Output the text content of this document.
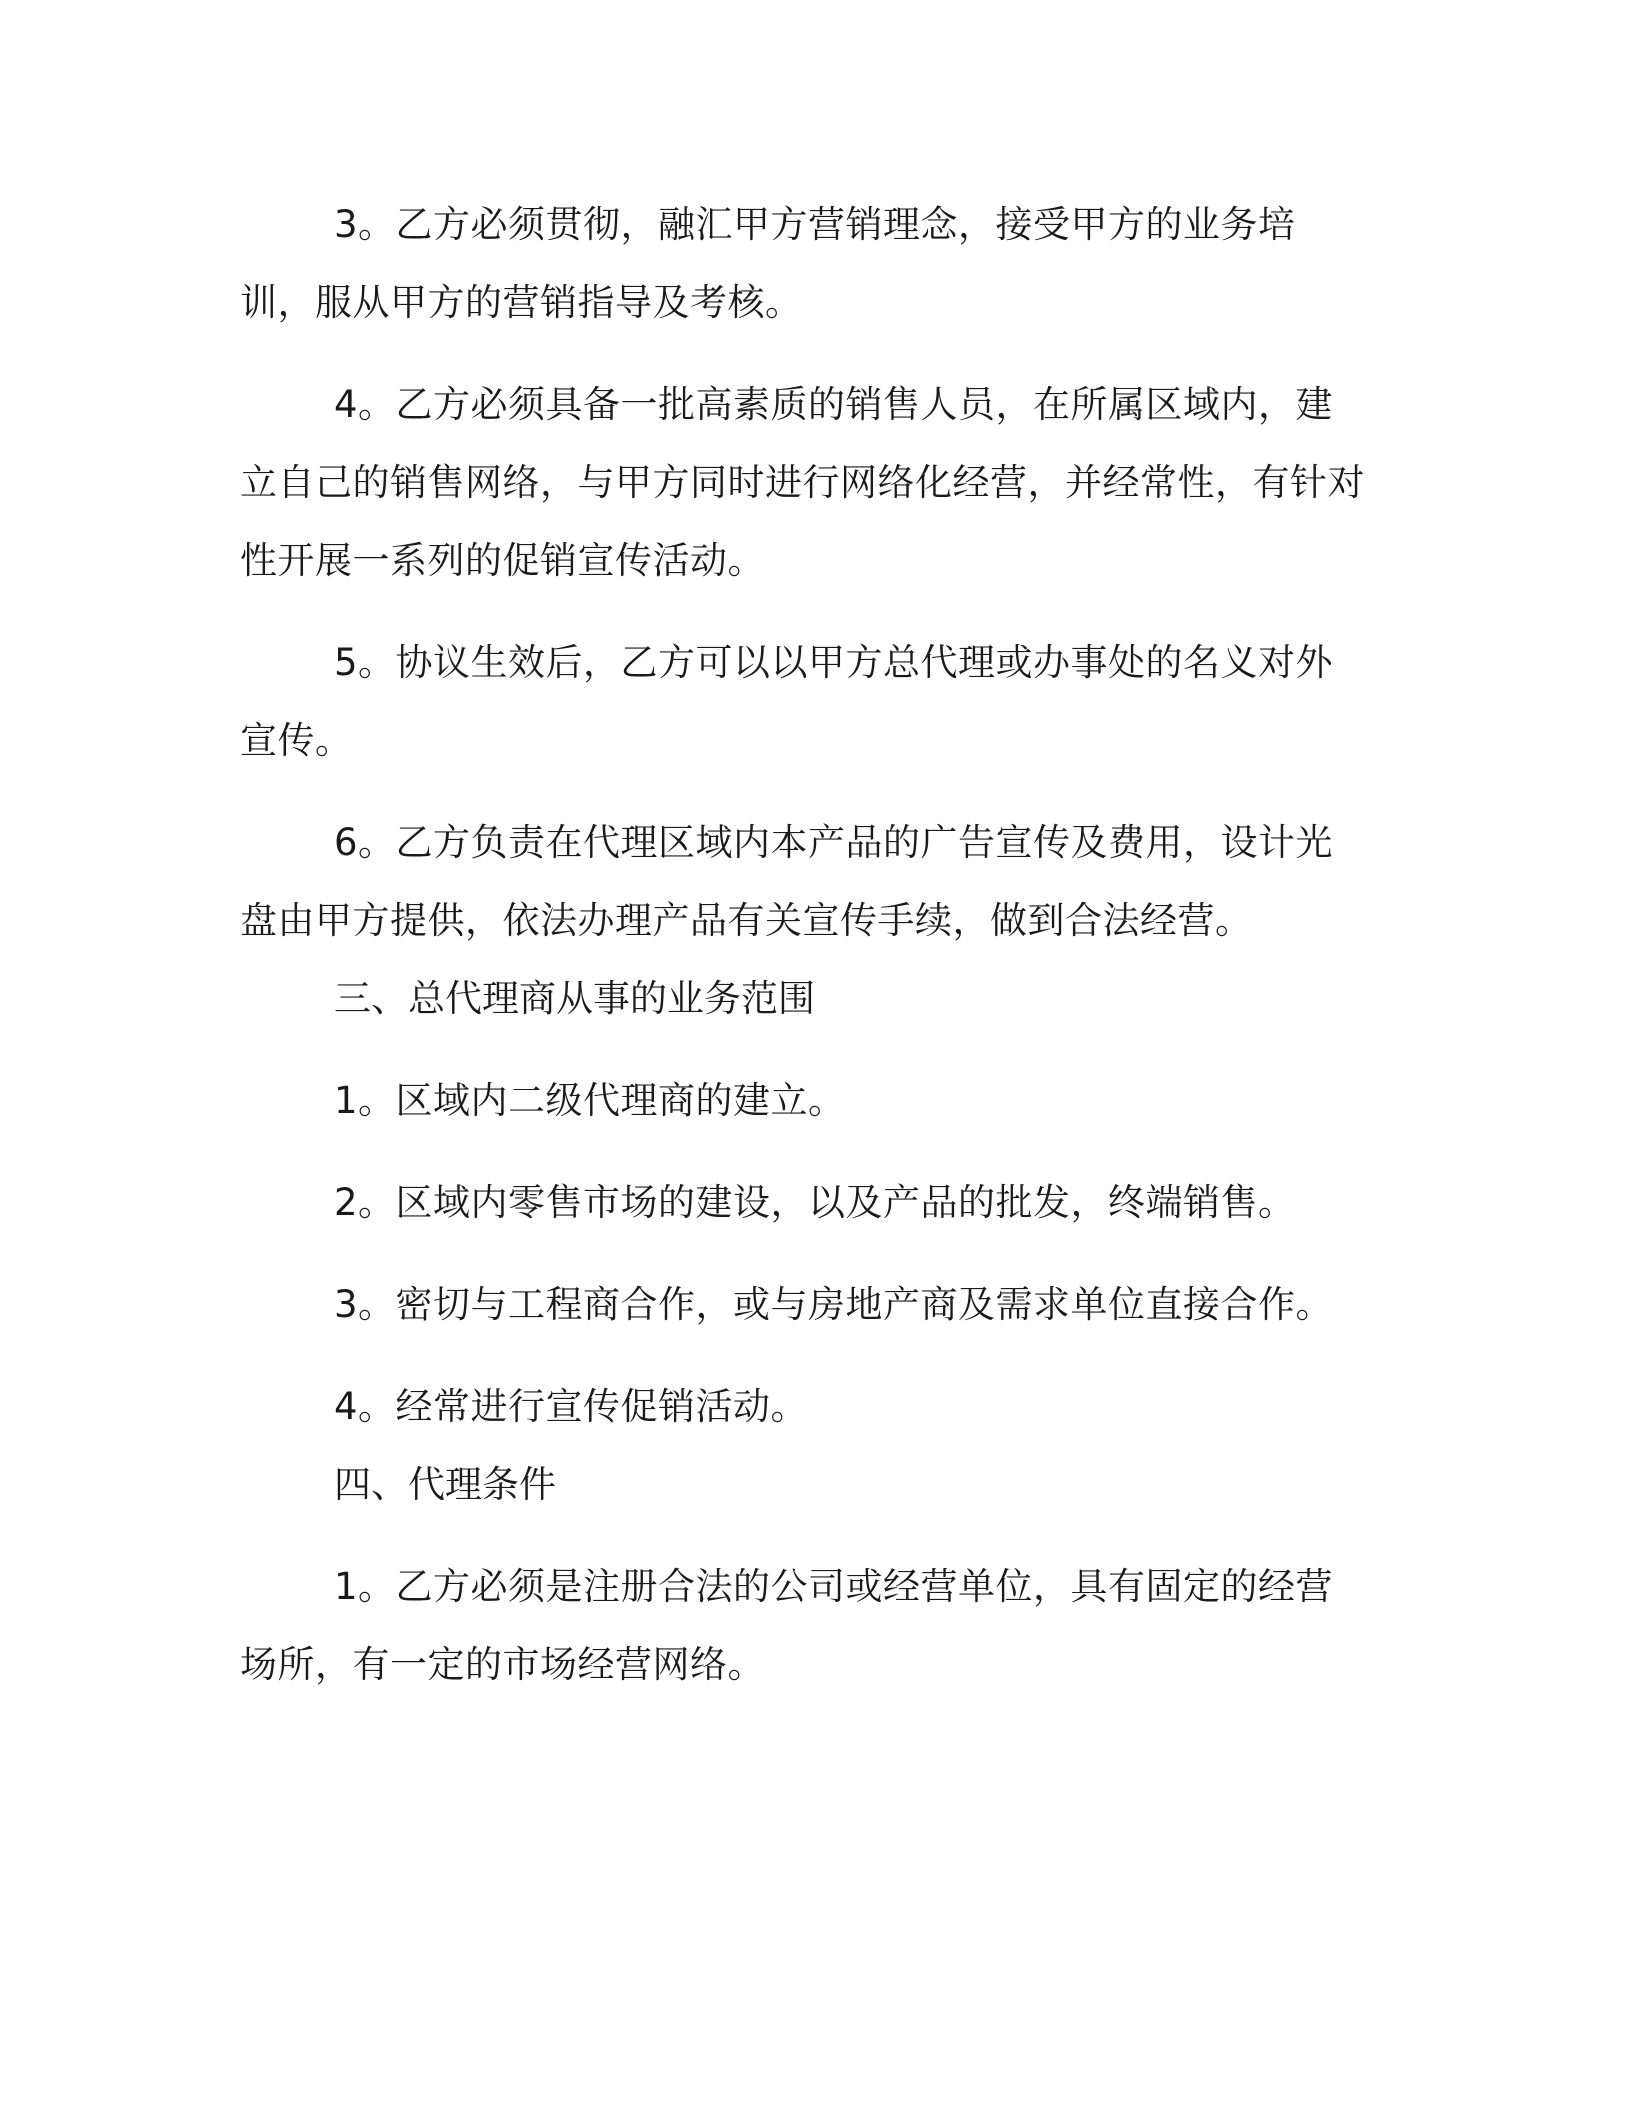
3。乙方必须贯彻，融汇甲方营销理念，接受甲方的业务培训，服从甲方的营销指导及考核。

4。乙方必须具备一批高素质的销售人员，在所属区域内，建立自己的销售网络，与甲方同时进行网络化经营，并经常性，有针对性开展一系列的促销宣传活动。

5。协议生效后，乙方可以以甲方总代理或办事处的名义对外宣传。

6。乙方负责在代理区域内本产品的广告宣传及费用，设计光盘由甲方提供，依法办理产品有关宣传手续，做到合法经营。

三、总代理商从事的业务范围

1。区域内二级代理商的建立。

2。区域内零售市场的建设，以及产品的批发，终端销售。

3。密切与工程商合作，或与房地产商及需求单位直接合作。

4。经常进行宣传促销活动。

四、代理条件

1。乙方必须是注册合法的公司或经营单位，具有固定的经营场所，有一定的市场经营网络。
